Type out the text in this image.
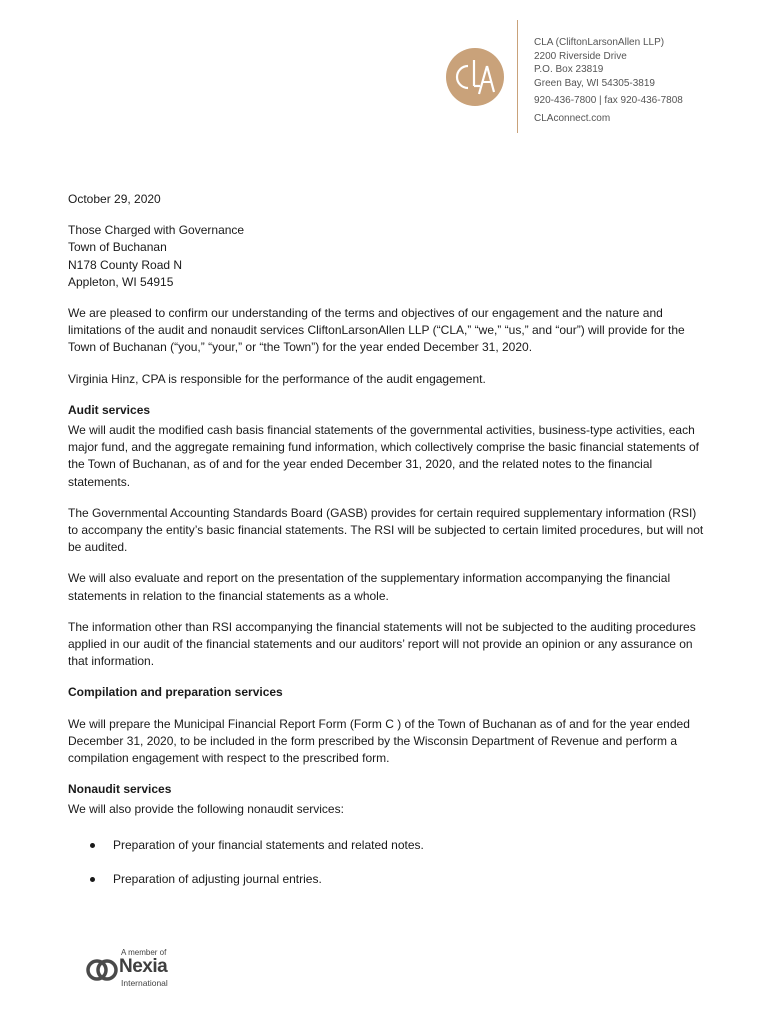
CLA (CliftonLarsonAllen LLP)
2200 Riverside Drive
P.O. Box 23819
Green Bay, WI 54305-3819
920-436-7800 | fax 920-436-7808
CLAconnect.com

October 29, 2020

Those Charged with Governance

Town of Buchanan

N178 County Road N

Appleton, WI 54915

We are pleased to confirm our understanding of the terms and objectives of our engagement and the nature and limitations of the audit and nonaudit services CliftonLarsonAllen LLP (“CLA,” “we,” “us,” and “our”) will provide for the Town of Buchanan (“you,” “your,” or “the Town”) for the year ended December 31, 2020.

Virginia Hinz, CPA is responsible for the performance of the audit engagement.

Audit services

We will audit the modified cash basis financial statements of the governmental activities, business-type activities, each major fund, and the aggregate remaining fund information, which collectively comprise the basic financial statements of the Town of Buchanan, as of and for the year ended December 31, 2020, and the related notes to the financial statements.

The Governmental Accounting Standards Board (GASB) provides for certain required supplementary information (RSI) to accompany the entity’s basic financial statements. The RSI will be subjected to certain limited procedures, but will not be audited.

We will also evaluate and report on the presentation of the supplementary information accompanying the financial statements in relation to the financial statements as a whole.

The information other than RSI accompanying the financial statements will not be subjected to the auditing procedures applied in our audit of the financial statements and our auditors’ report will not provide an opinion or any assurance on that information.

Compilation and preparation services

We will prepare the Municipal Financial Report Form (Form C ) of the Town of Buchanan as of and for the year ended December 31, 2020, to be included in the form prescribed by the Wisconsin Department of Revenue and perform a compilation engagement with respect to the prescribed form.

Nonaudit services

We will also provide the following nonaudit services:

Preparation of your financial statements and related notes.
Preparation of adjusting journal entries.
A member of
Nexia
International
